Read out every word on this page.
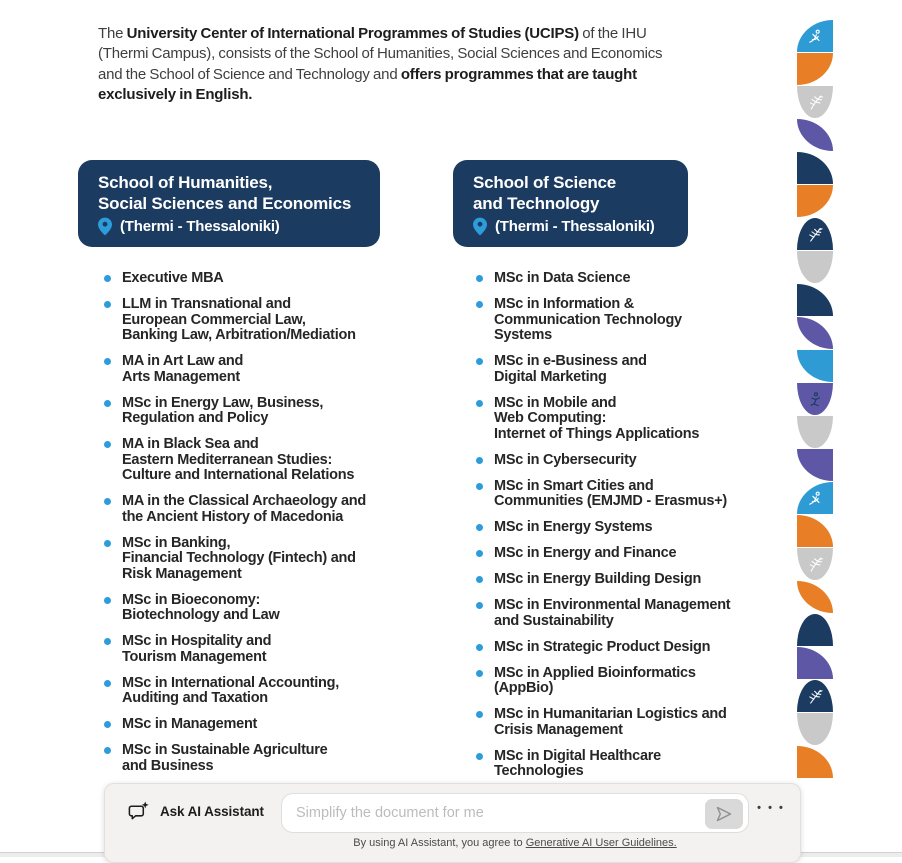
The University Center of International Programmes of Studies (UCIPS) of the IHU (Thermi Campus), consists of the School of Humanities, Social Sciences and Economics and the School of Science and Technology and offers programmes that are taught exclusively in English.

School of Humanities,
Social Sciences and Economics
(Thermi - Thessaloniki)
School of Science
and Technology
(Thermi - Thessaloniki)
Executive MBA
LLM in Transnational and
European Commercial Law,
Banking Law, Arbitration/Mediation
MA in Art Law and
Arts Management
MSc in Energy Law, Business,
Regulation and Policy
MA in Black Sea and
Eastern Mediterranean Studies:
Culture and International Relations
MA in the Classical Archaeology and
the Ancient History of Macedonia
MSc in Banking,
Financial Technology (Fintech) and
Risk Management
MSc in Bioeconomy:
Biotechnology and Law
MSc in Hospitality and
Tourism Management
MSc in International Accounting,
Auditing and Taxation
MSc in Management
MSc in Sustainable Agriculture
and Business
MSc in Data Science
MSc in Information &
Communication Technology
Systems
MSc in e-Business and
Digital Marketing
MSc in Mobile and
Web Computing:
Internet of Things Applications
MSc in Cybersecurity
MSc in Smart Cities and
Communities (EMJMD - Erasmus+)
MSc in Energy Systems
MSc in Energy and Finance
MSc in Energy Building Design
MSc in Environmental Management
and Sustainability
MSc in Strategic Product Design
MSc in Applied Bioinformatics
(AppBio)
MSc in Humanitarian Logistics and
Crisis Management
MSc in Digital Healthcare
Technologies
Ask AI Assistant
Simplify the document for me	• • •
By using AI Assistant, you agree to Generative AI User Guidelines.
